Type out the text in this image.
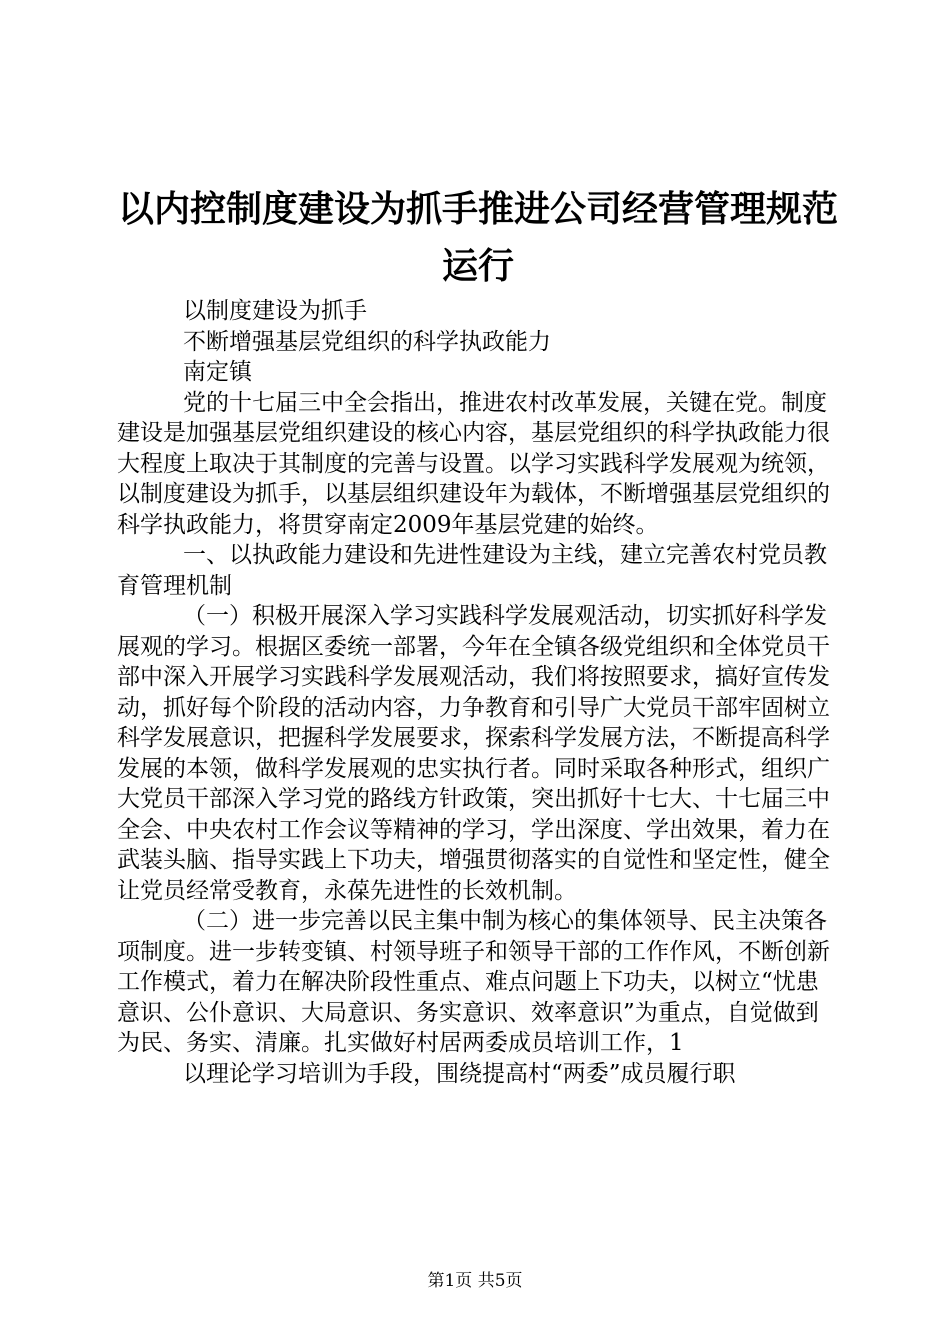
以内控制度建设为抓手推进公司经营管理规范
运行

以制度建设为抓手

不断增强基层党组织的科学执政能力

南定镇

党的十七届三中全会指出，推进农村改革发展，关键在党。制度建设是加强基层党组织建设的核心内容，基层党组织的科学执政能力很大程度上取决于其制度的完善与设置。以学习实践科学发展观为统领，以制度建设为抓手，以基层组织建设年为载体，不断增强基层党组织的科学执政能力，将贯穿南定2009年基层党建的始终。

一、以执政能力建设和先进性建设为主线，建立完善农村党员教育管理机制

（一）积极开展深入学习实践科学发展观活动，切实抓好科学发展观的学习。根据区委统一部署，今年在全镇各级党组织和全体党员干部中深入开展学习实践科学发展观活动，我们将按照要求，搞好宣传发动，抓好每个阶段的活动内容，力争教育和引导广大党员干部牢固树立科学发展意识，把握科学发展要求，探索科学发展方法，不断提高科学发展的本领，做科学发展观的忠实执行者。同时采取各种形式，组织广大党员干部深入学习党的路线方针政策，突出抓好十七大、十七届三中全会、中央农村工作会议等精神的学习，学出深度、学出效果，着力在武装头脑、指导实践上下功夫，增强贯彻落实的自觉性和坚定性，健全让党员经常受教育，永葆先进性的长效机制。

（二）进一步完善以民主集中制为核心的集体领导、民主决策各项制度。进一步转变镇、村领导班子和领导干部的工作作风，不断创新工作模式，着力在解决阶段性重点、难点问题上下功夫，以树立“忧患意识、公仆意识、大局意识、务实意识、效率意识”为重点，自觉做到为民、务实、清廉。扎实做好村居两委成员培训工作，1

以理论学习培训为手段，围绕提高村“两委”成员履行职

第1页 共5页
